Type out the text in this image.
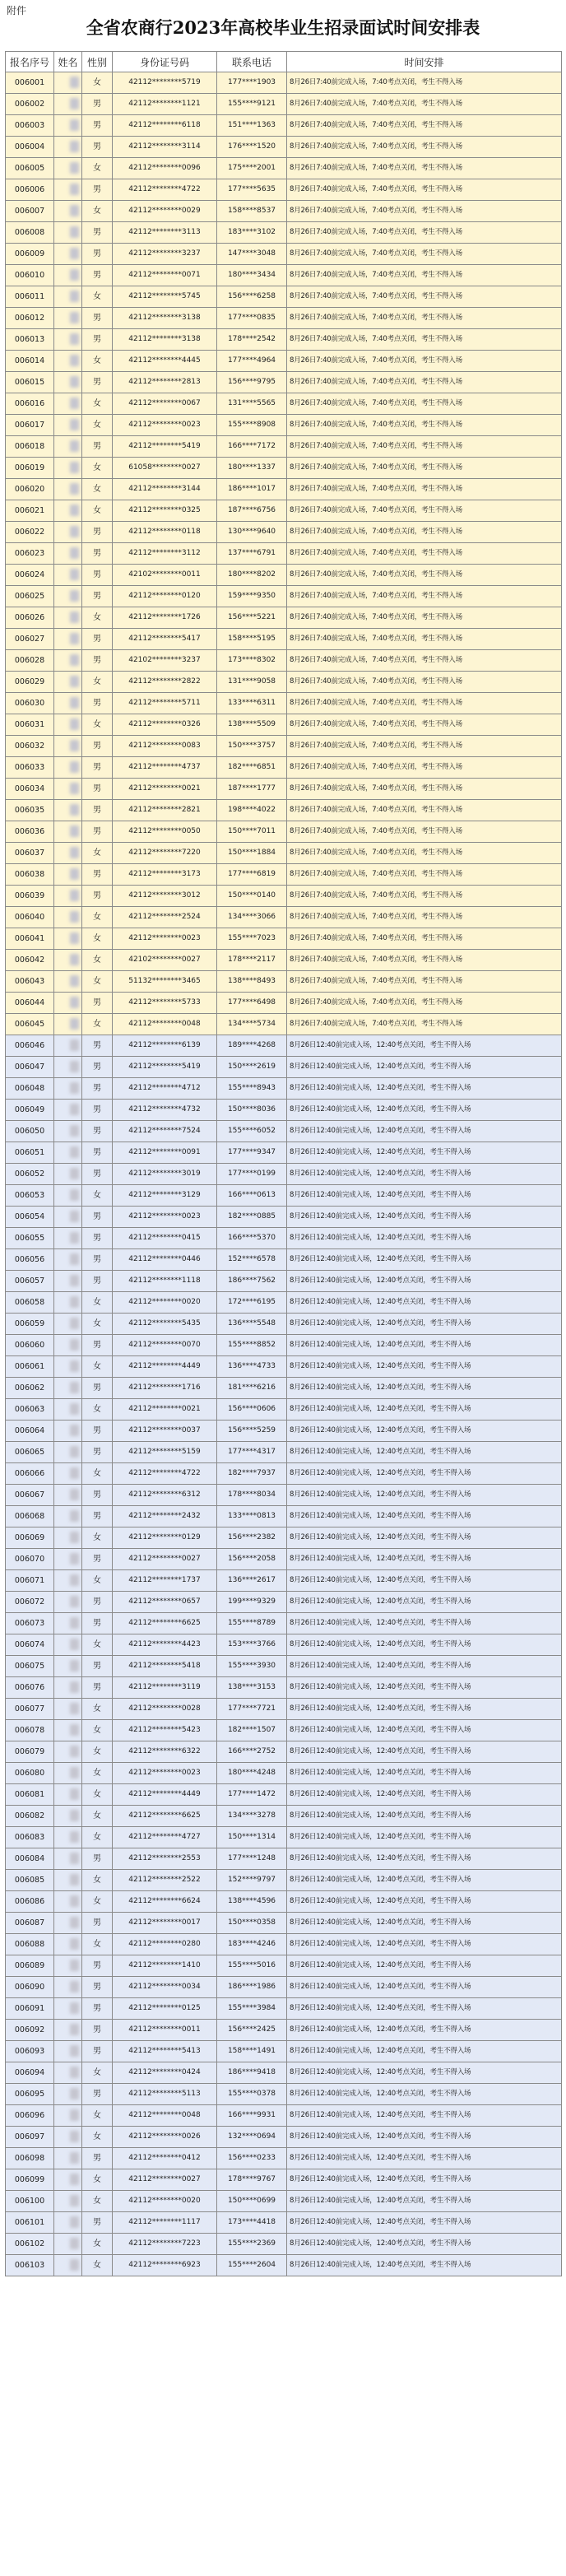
附件
全省农商行2023年高校毕业生招录面试时间安排表
报名序号	姓名	性别	身份证号码	联系电话	时间安排
006001		女	42112********5719	177****1903	8月26日7:40前完成入场，7:40考点关闭，考生不得入场
006002		男	42112********1121	155****9121	8月26日7:40前完成入场，7:40考点关闭，考生不得入场
006003		男	42112********6118	151****1363	8月26日7:40前完成入场，7:40考点关闭，考生不得入场
006004		男	42112********3114	176****1520	8月26日7:40前完成入场，7:40考点关闭，考生不得入场
006005		女	42112********0096	175****2001	8月26日7:40前完成入场，7:40考点关闭，考生不得入场
006006		男	42112********4722	177****5635	8月26日7:40前完成入场，7:40考点关闭，考生不得入场
006007		女	42112********0029	158****8537	8月26日7:40前完成入场，7:40考点关闭，考生不得入场
006008		男	42112********3113	183****3102	8月26日7:40前完成入场，7:40考点关闭，考生不得入场
006009		男	42112********3237	147****3048	8月26日7:40前完成入场，7:40考点关闭，考生不得入场
006010		男	42112********0071	180****3434	8月26日7:40前完成入场，7:40考点关闭，考生不得入场
006011		女	42112********5745	156****6258	8月26日7:40前完成入场，7:40考点关闭，考生不得入场
006012		男	42112********3138	177****0835	8月26日7:40前完成入场，7:40考点关闭，考生不得入场
006013		男	42112********3138	178****2542	8月26日7:40前完成入场，7:40考点关闭，考生不得入场
006014		女	42112********4445	177****4964	8月26日7:40前完成入场，7:40考点关闭，考生不得入场
006015		男	42112********2813	156****9795	8月26日7:40前完成入场，7:40考点关闭，考生不得入场
006016		女	42112********0067	131****5565	8月26日7:40前完成入场，7:40考点关闭，考生不得入场
006017		女	42112********0023	155****8908	8月26日7:40前完成入场，7:40考点关闭，考生不得入场
006018		男	42112********5419	166****7172	8月26日7:40前完成入场，7:40考点关闭，考生不得入场
006019		女	61058********0027	180****1337	8月26日7:40前完成入场，7:40考点关闭，考生不得入场
006020		女	42112********3144	186****1017	8月26日7:40前完成入场，7:40考点关闭，考生不得入场
006021		女	42112********0325	187****6756	8月26日7:40前完成入场，7:40考点关闭，考生不得入场
006022		男	42112********0118	130****9640	8月26日7:40前完成入场，7:40考点关闭，考生不得入场
006023		男	42112********3112	137****6791	8月26日7:40前完成入场，7:40考点关闭，考生不得入场
006024		男	42102********0011	180****8202	8月26日7:40前完成入场，7:40考点关闭，考生不得入场
006025		男	42112********0120	159****9350	8月26日7:40前完成入场，7:40考点关闭，考生不得入场
006026		女	42112********1726	156****5221	8月26日7:40前完成入场，7:40考点关闭，考生不得入场
006027		男	42112********5417	158****5195	8月26日7:40前完成入场，7:40考点关闭，考生不得入场
006028		男	42102********3237	173****8302	8月26日7:40前完成入场，7:40考点关闭，考生不得入场
006029		女	42112********2822	131****9058	8月26日7:40前完成入场，7:40考点关闭，考生不得入场
006030		男	42112********5711	133****6311	8月26日7:40前完成入场，7:40考点关闭，考生不得入场
006031		女	42112********0326	138****5509	8月26日7:40前完成入场，7:40考点关闭，考生不得入场
006032		男	42112********0083	150****3757	8月26日7:40前完成入场，7:40考点关闭，考生不得入场
006033		男	42112********4737	182****6851	8月26日7:40前完成入场，7:40考点关闭，考生不得入场
006034		男	42112********0021	187****1777	8月26日7:40前完成入场，7:40考点关闭，考生不得入场
006035		男	42112********2821	198****4022	8月26日7:40前完成入场，7:40考点关闭，考生不得入场
006036		男	42112********0050	150****7011	8月26日7:40前完成入场，7:40考点关闭，考生不得入场
006037		女	42112********7220	150****1884	8月26日7:40前完成入场，7:40考点关闭，考生不得入场
006038		男	42112********3173	177****6819	8月26日7:40前完成入场，7:40考点关闭，考生不得入场
006039		男	42112********3012	150****0140	8月26日7:40前完成入场，7:40考点关闭，考生不得入场
006040		女	42112********2524	134****3066	8月26日7:40前完成入场，7:40考点关闭，考生不得入场
006041		女	42112********0023	155****7023	8月26日7:40前完成入场，7:40考点关闭，考生不得入场
006042		女	42102********0027	178****2117	8月26日7:40前完成入场，7:40考点关闭，考生不得入场
006043		女	51132********3465	138****8493	8月26日7:40前完成入场，7:40考点关闭，考生不得入场
006044		男	42112********5733	177****6498	8月26日7:40前完成入场，7:40考点关闭，考生不得入场
006045		女	42112********0048	134****5734	8月26日7:40前完成入场，7:40考点关闭，考生不得入场
006046		男	42112********6139	189****4268	8月26日12:40前完成入场，12:40考点关闭，考生不得入场
006047		男	42112********5419	150****2619	8月26日12:40前完成入场，12:40考点关闭，考生不得入场
006048		男	42112********4712	155****8943	8月26日12:40前完成入场，12:40考点关闭，考生不得入场
006049		男	42112********4732	150****8036	8月26日12:40前完成入场，12:40考点关闭，考生不得入场
006050		男	42112********7524	155****6052	8月26日12:40前完成入场，12:40考点关闭，考生不得入场
006051		男	42112********0091	177****9347	8月26日12:40前完成入场，12:40考点关闭，考生不得入场
006052		男	42112********3019	177****0199	8月26日12:40前完成入场，12:40考点关闭，考生不得入场
006053		女	42112********3129	166****0613	8月26日12:40前完成入场，12:40考点关闭，考生不得入场
006054		男	42112********0023	182****0885	8月26日12:40前完成入场，12:40考点关闭，考生不得入场
006055		男	42112********0415	166****5370	8月26日12:40前完成入场，12:40考点关闭，考生不得入场
006056		男	42112********0446	152****6578	8月26日12:40前完成入场，12:40考点关闭，考生不得入场
006057		男	42112********1118	186****7562	8月26日12:40前完成入场，12:40考点关闭，考生不得入场
006058		女	42112********0020	172****6195	8月26日12:40前完成入场，12:40考点关闭，考生不得入场
006059		女	42112********5435	136****5548	8月26日12:40前完成入场，12:40考点关闭，考生不得入场
006060		男	42112********0070	155****8852	8月26日12:40前完成入场，12:40考点关闭，考生不得入场
006061		女	42112********4449	136****4733	8月26日12:40前完成入场，12:40考点关闭，考生不得入场
006062		男	42112********1716	181****6216	8月26日12:40前完成入场，12:40考点关闭，考生不得入场
006063		女	42112********0021	156****0606	8月26日12:40前完成入场，12:40考点关闭，考生不得入场
006064		男	42112********0037	156****5259	8月26日12:40前完成入场，12:40考点关闭，考生不得入场
006065		男	42112********5159	177****4317	8月26日12:40前完成入场，12:40考点关闭，考生不得入场
006066		女	42112********4722	182****7937	8月26日12:40前完成入场，12:40考点关闭，考生不得入场
006067		男	42112********6312	178****8034	8月26日12:40前完成入场，12:40考点关闭，考生不得入场
006068		男	42112********2432	133****0813	8月26日12:40前完成入场，12:40考点关闭，考生不得入场
006069		女	42112********0129	156****2382	8月26日12:40前完成入场，12:40考点关闭，考生不得入场
006070		男	42112********0027	156****2058	8月26日12:40前完成入场，12:40考点关闭，考生不得入场
006071		女	42112********1737	136****2617	8月26日12:40前完成入场，12:40考点关闭，考生不得入场
006072		男	42112********0657	199****9329	8月26日12:40前完成入场，12:40考点关闭，考生不得入场
006073		男	42112********6625	155****8789	8月26日12:40前完成入场，12:40考点关闭，考生不得入场
006074		女	42112********4423	153****3766	8月26日12:40前完成入场，12:40考点关闭，考生不得入场
006075		男	42112********5418	155****3930	8月26日12:40前完成入场，12:40考点关闭，考生不得入场
006076		男	42112********3119	138****3153	8月26日12:40前完成入场，12:40考点关闭，考生不得入场
006077		女	42112********0028	177****7721	8月26日12:40前完成入场，12:40考点关闭，考生不得入场
006078		女	42112********5423	182****1507	8月26日12:40前完成入场，12:40考点关闭，考生不得入场
006079		女	42112********6322	166****2752	8月26日12:40前完成入场，12:40考点关闭，考生不得入场
006080		女	42112********0023	180****4248	8月26日12:40前完成入场，12:40考点关闭，考生不得入场
006081		女	42112********4449	177****1472	8月26日12:40前完成入场，12:40考点关闭，考生不得入场
006082		女	42112********6625	134****3278	8月26日12:40前完成入场，12:40考点关闭，考生不得入场
006083		女	42112********4727	150****1314	8月26日12:40前完成入场，12:40考点关闭，考生不得入场
006084		男	42112********2553	177****1248	8月26日12:40前完成入场，12:40考点关闭，考生不得入场
006085		女	42112********2522	152****9797	8月26日12:40前完成入场，12:40考点关闭，考生不得入场
006086		女	42112********6624	138****4596	8月26日12:40前完成入场，12:40考点关闭，考生不得入场
006087		男	42112********0017	150****0358	8月26日12:40前完成入场，12:40考点关闭，考生不得入场
006088		女	42112********0280	183****4246	8月26日12:40前完成入场，12:40考点关闭，考生不得入场
006089		男	42112********1410	155****5016	8月26日12:40前完成入场，12:40考点关闭，考生不得入场
006090		男	42112********0034	186****1986	8月26日12:40前完成入场，12:40考点关闭，考生不得入场
006091		男	42112********0125	155****3984	8月26日12:40前完成入场，12:40考点关闭，考生不得入场
006092		男	42112********0011	156****2425	8月26日12:40前完成入场，12:40考点关闭，考生不得入场
006093		男	42112********5413	158****1491	8月26日12:40前完成入场，12:40考点关闭，考生不得入场
006094		女	42112********0424	186****9418	8月26日12:40前完成入场，12:40考点关闭，考生不得入场
006095		男	42112********5113	155****0378	8月26日12:40前完成入场，12:40考点关闭，考生不得入场
006096		女	42112********0048	166****9931	8月26日12:40前完成入场，12:40考点关闭，考生不得入场
006097		女	42112********0026	132****0694	8月26日12:40前完成入场，12:40考点关闭，考生不得入场
006098		男	42112********0412	156****0233	8月26日12:40前完成入场，12:40考点关闭，考生不得入场
006099		女	42112********0027	178****9767	8月26日12:40前完成入场，12:40考点关闭，考生不得入场
006100		女	42112********0020	150****0699	8月26日12:40前完成入场，12:40考点关闭，考生不得入场
006101		男	42112********1117	173****4418	8月26日12:40前完成入场，12:40考点关闭，考生不得入场
006102		女	42112********7223	155****2369	8月26日12:40前完成入场，12:40考点关闭，考生不得入场
006103		女	42112********6923	155****2604	8月26日12:40前完成入场，12:40考点关闭，考生不得入场
